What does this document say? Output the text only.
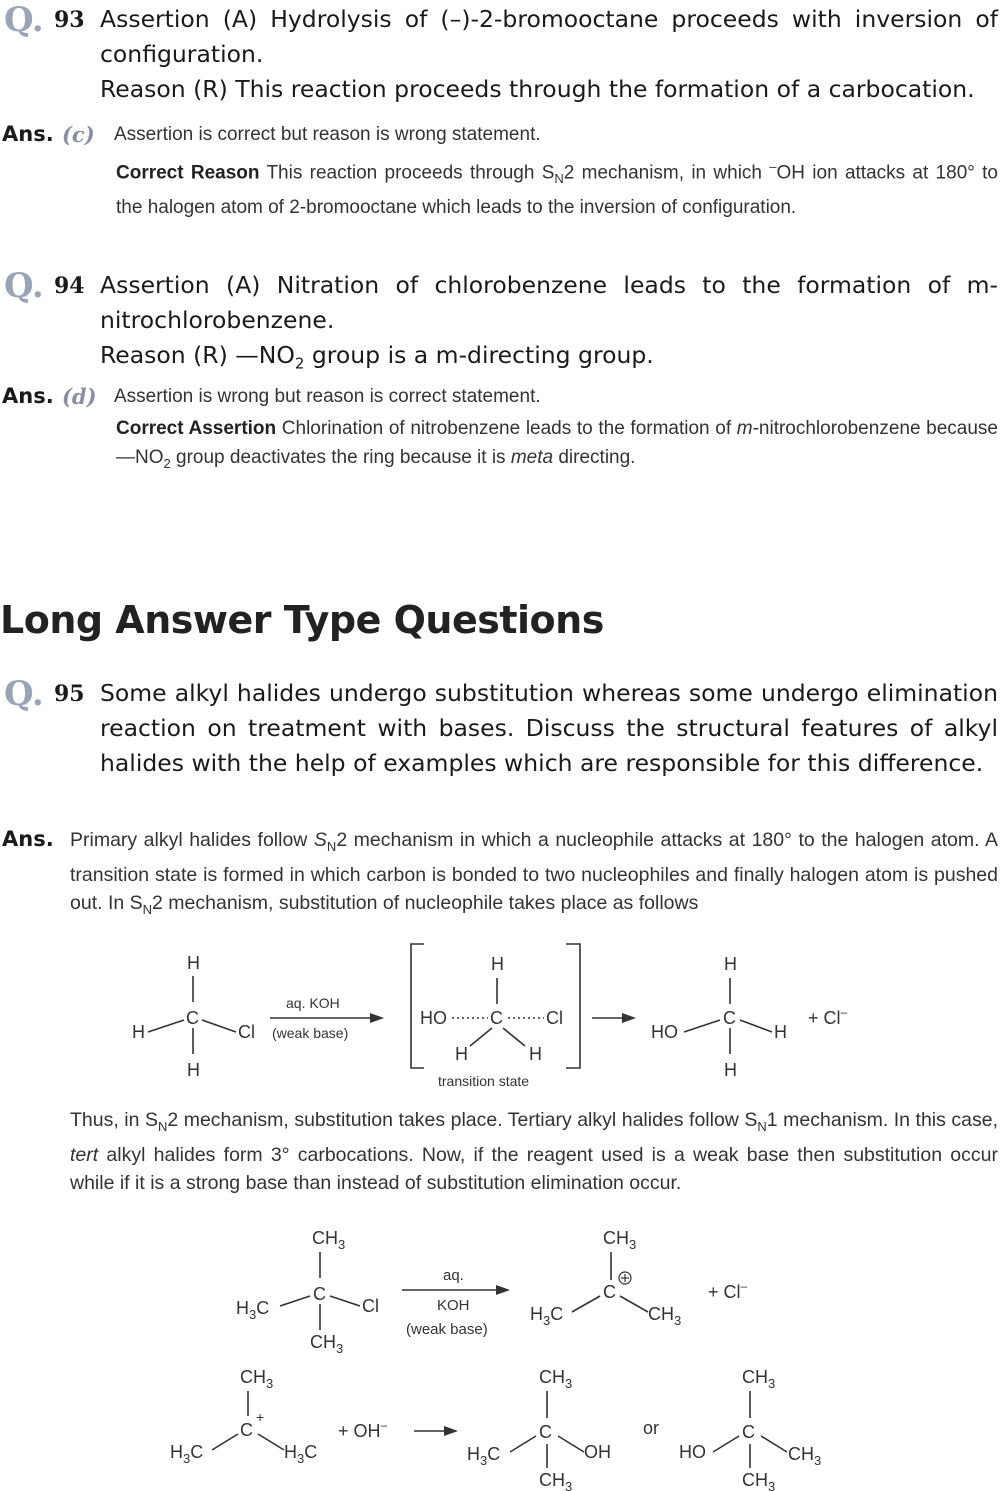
Q. 93 Assertion (A) Hydrolysis of (–)-2-bromooctane proceeds with inversion of configuration.

Reason (R) This reaction proceeds through the formation of a carbocation.

Ans. (c) Assertion is correct but reason is wrong statement.

Correct Reason This reaction proceeds through $S_N2$ mechanism, in which –OH ion attacks at 180° to the halogen atom of 2-bromooctane which leads to the inversion of configuration.

Q. 94 Assertion (A) Nitration of chlorobenzene leads to the formation of m-nitrochlorobenzene.

Reason (R) $—NO_2$ group is a m-directing group.

Ans. (d) Assertion is wrong but reason is correct statement.

Correct Assertion Chlorination of nitrobenzene leads to the formation of m-nitrochlorobenzene because $—NO_2$ group deactivates the ring because it is meta directing.

Long Answer Type Questions
Q. 95 Some alkyl halides undergo substitution whereas some undergo elimination reaction on treatment with bases. Discuss the structural features of alkyl halides with the help of examples which are responsible for this difference.

Ans. Primary alkyl halides follow $S_N2$ mechanism in which a nucleophile attacks at 180° to the halogen atom. A transition state is formed in which carbon is bonded to two nucleophiles and finally halogen atom is pushed out. In $S_N2$ mechanism, substitution of nucleophile takes place as follows

H
H
C
Cl
H
aq. KOH
(weak base)
H
HO C Cl
H	H
transition state
H
HO
C
H
H
+ Cl–

Thus, in $S_N2$ mechanism, substitution takes place. Tertiary alkyl halides follow $S_N1$ mechanism. In this case, tert alkyl halides form 3° carbocations. Now, if the reagent used is a weak base then substitution occur while if it is a strong base than instead of substitution elimination occur.

$CH_3$
$H_3C$
C
Cl
$CH_3$
aq.
KOH
(weak base)
$CH_3$
C
$H_3C$	$CH_3$
+ Cl–
$CH_3$
C
+
$H_3C$	$H_3C$
+ OH–
$CH_3$
C
$H_3C$	OH
$CH_3$
or
$CH_3$
C
HO	$CH_3$
$CH_3$
